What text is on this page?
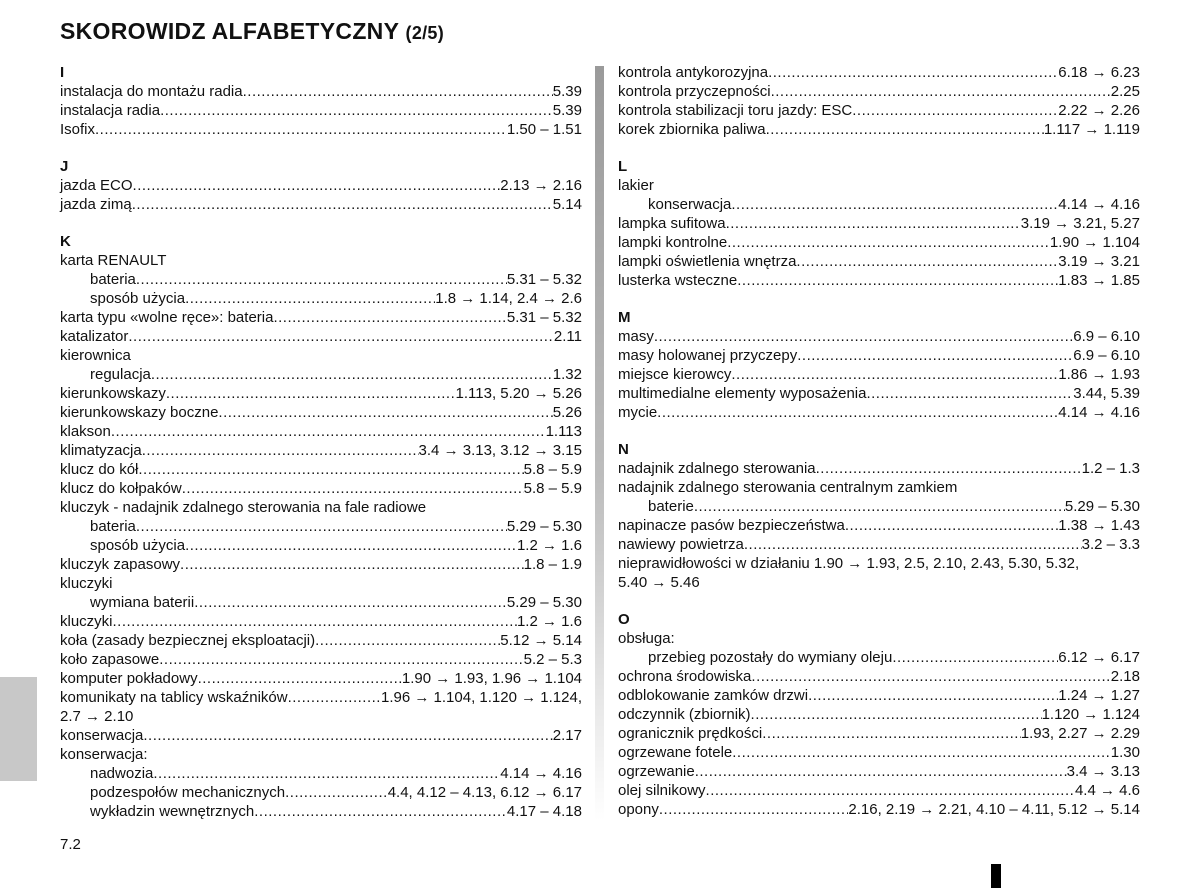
SKOROWIDZ ALFABETYCZNY (2/5)
I
instalacja do montażu radia .....	5.39
instalacja radia .....	5.39
Isofix .....	1.50 – 1.51
J
jazda ECO .....	2.13 → 2.16
jazda zimą .....	5.14
K
karta RENAULT
bateria .....	5.31 – 5.32
sposób użycia .....	1.8 → 1.14, 2.4 → 2.6
karta typu «wolne ręce»: bateria .....	5.31 – 5.32
katalizator .....	2.11
kierownica
regulacja .....	1.32
kierunkowskazy .....	1.113, 5.20 → 5.26
kierunkowskazy boczne .....	5.26
klakson .....	1.113
klimatyzacja .....	3.4 → 3.13, 3.12 → 3.15
klucz do kół .....	5.8 – 5.9
klucz do kołpaków .....	5.8 – 5.9
kluczyk - nadajnik zdalnego sterowania na fale radiowe
bateria .....	5.29 – 5.30
sposób użycia .....	1.2 → 1.6
kluczyk zapasowy .....	1.8 – 1.9
kluczyki
wymiana baterii .....	5.29 – 5.30
kluczyki .....	1.2 → 1.6
koła (zasady bezpiecznej eksploatacji) .....	5.12 → 5.14
koło zapasowe .....	5.2 – 5.3
komputer pokładowy .....	1.90 → 1.93, 1.96 → 1.104
komunikaty na tablicy wskaźników .....	1.96 → 1.104, 1.120 → 1.124,
2.7 → 2.10
konserwacja .....	2.17
konserwacja:
nadwozia .....	4.14 → 4.16
podzespołów mechanicznych .....	4.4, 4.12 – 4.13, 6.12 → 6.17
wykładzin wewnętrznych .....	4.17 – 4.18
kontrola antykorozyjna .....	6.18 → 6.23
kontrola przyczepności .....	2.25
kontrola stabilizacji toru jazdy: ESC .....	2.22 → 2.26
korek zbiornika paliwa .....	1.117 → 1.119
L
lakier
konserwacja .....	4.14 → 4.16
lampka sufitowa .....	3.19 → 3.21, 5.27
lampki kontrolne .....	1.90 → 1.104
lampki oświetlenia wnętrza .....	3.19 → 3.21
lusterka wsteczne .....	1.83 → 1.85
M
masy .....	6.9 – 6.10
masy holowanej przyczepy .....	6.9 – 6.10
miejsce kierowcy .....	1.86 → 1.93
multimedialne elementy wyposażenia .....	3.44, 5.39
mycie .....	4.14 → 4.16
N
nadajnik zdalnego sterowania .....	1.2 – 1.3
nadajnik zdalnego sterowania centralnym zamkiem
baterie .....	5.29 – 5.30
napinacze pasów bezpieczeństwa .....	1.38 → 1.43
nawiewy powietrza .....	3.2 – 3.3
nieprawidłowości w działaniu 1.90 → 1.93, 2.5, 2.10, 2.43, 5.30, 5.32,
5.40 → 5.46
O
obsługa:
przebieg pozostały do wymiany oleju .....	6.12 → 6.17
ochrona środowiska .....	2.18
odblokowanie zamków drzwi .....	1.24 → 1.27
odczynnik (zbiornik) .....	1.120 → 1.124
ogranicznik prędkości .....	1.93, 2.27 → 2.29
ogrzewane fotele .....	1.30
ogrzewanie .....	3.4 → 3.13
olej silnikowy .....	4.4 → 4.6
opony .....	2.16, 2.19 → 2.21, 4.10 – 4.11, 5.12 → 5.14
7.2
